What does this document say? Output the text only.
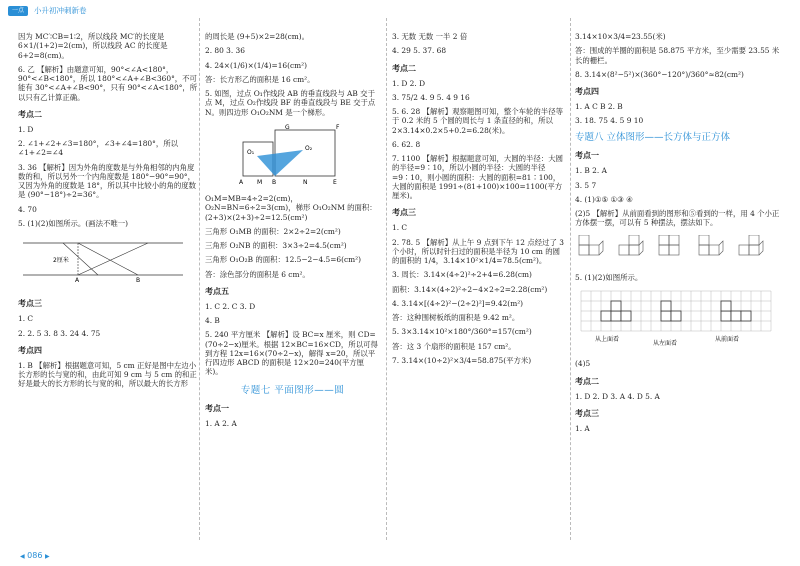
一点	小升初冲刺新卷

因为 MC′∶CB=1∶2，所以线段 MC′的长度是 6×1/(1+2)=2(cm)，所以线段 AC 的长度是 6+2=8(cm)。

6. 乙 【解析】由题意可知，90°<∠A<180°，90°<∠B<180°，所以 180°<∠A+∠B<360°，不可能有 30°<∠A+∠B<90°，只有 90°<∠A<180°，所以只有乙计算正确。

考点二

1. D

2. ∠1+∠2+∠3=180°，∠3+∠4=180°，所以 ∠1+∠2=∠4

3. 36 【解析】因为外角的度数是与外角相邻的内角度数的和，所以另外一个内角度数是 180°−90°=90°，又因为外角的度数是 18°，所以其中比较小的角的度数是 (90°−18°)÷2=36°。

4. 70

5. (1)(2)如图所示。(画法不唯一)

2厘米
A	B
考点三

1. C

2. 2. 5 3. 8 3. 24 4. 75

考点四

1. B 【解析】根据题意可知，5 cm 正好是图中左边小长方形的长与宽的和，由此可知 9 cm 与 5 cm 的和正好是最大的长方形的长与宽的和，所以最大的长方形

的周长是 (9+5)×2=28(cm)。

2. 80 3. 36

4. 24×(1/6)×(1/4)=16(cm²)

答：长方形乙的面积是 16 cm²。

5. 如图，过点 O₁作线段 AB 的垂直线段与 AB 交于点 M，过点 O₂作线段 BF 的垂直线段与 BE 交于点 N。则四边形 O₁O₂NM 是一个梯形。

G	F
O₁
O₂
A M B	N	E

O₁M=MB=4÷2=2(cm)，O₂N=BN=6÷2=3(cm)，梯形 O₁O₂NM 的面积：(2+3)×(2+3)÷2=12.5(cm²)

三角形 O₁MB 的面积：2×2÷2=2(cm²)

三角形 O₂NB 的面积：3×3÷2=4.5(cm²)

三角形 O₁O₂B 的面积：12.5−2−4.5=6(cm²)

答：涂色部分的面积是 6 cm²。

考点五

1. C 2. C 3. D

4. B

5. 240 平方厘米 【解析】设 BC=x 厘米，则 CD=(70÷2−x)厘米。根据 12×BC=16×CD，所以可得到方程 12x=16×(70÷2−x)，解得 x=20，所以平行四边形 ABCD 的面积是 12×20=240(平方厘米)。

专题七 平面图形——圆
考点一

1. A 2. A

3. 无数 无数 一半 2 倍

4. 29 5. 37. 68

考点二

1. D 2. D

3. 75/2 4. 9 5. 4 9 16

5. 6. 28 【解析】观察题图可知，整个车轮的半径等于 0.2 米的 5 个圆的周长与 1 条直径的和，所以 2×3.14×0.2×5+0.2=6.28(米)。

6. 62. 8

7. 1100 【解析】根据题意可知，大圆的半径：大圆的半径=9∶10，所以小圆的半径：大圆的半径=9∶10，则小圆的面积：大圆的面积=81∶100，大圆的面积是 1991÷(81+100)×100=1100(平方厘米)。

考点三

1. C

2. 78. 5 【解析】从上午 9 点到下午 12 点经过了 3 个小时，所以时针扫过的面积是半径为 10 cm 的圆的面积的 1/4，3.14×10²×1/4=78.5(cm²)。

3. 周长：3.14×(4÷2)²÷2+4=6.28(cm)

面积：3.14×(4÷2)²÷2−4×2÷2=2.28(cm²)

4. 3.14×[(4÷2)²−(2÷2)²]=9.42(m²)

答：这种围树板纸的面积是 9.42 m²。

5. 3×3.14×10²×180°/360°=157(cm²)

答：这 3 个扇形的面积是 157 cm²。

7. 3.14×(10÷2)²×3/4=58.875(平方米)

3.14×10×3/4=23.55(米)

答：围成的羊圈的面积是 58.875 平方米，至少需要 23.55 米长的栅栏。

8. 3.14×(8²−5²)×(360°−120°)/360°≈82(cm²)

考点四

1. A C B 2. B

3. 18. 75 4. 5 9 10

专题八 立体图形——长方体与正方体
考点一

1. B 2. A

3. 5 7

4. (1)①⑤ ①③ ④

(2)5 【解析】从前面看到的图形和⑤看到的一样，用 4 个小正方体摆一摆，可以有 5 种摆法，摆法如下。

5. (1)(2)如图所示。

从上面看
从左面看
从前面看

(4)5

考点二

1. D 2. D 3. A 4. D 5. A

考点三

1. A

◀ 086 ▶
